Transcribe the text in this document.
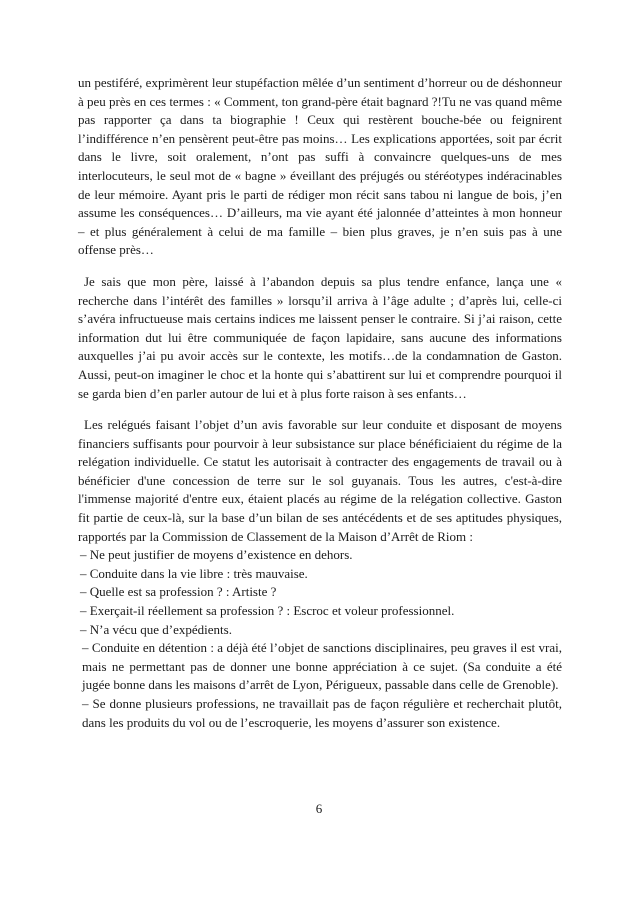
un pestiféré, exprimèrent leur stupéfaction mêlée d’un sentiment d’horreur ou de déshonneur à peu près en ces termes : « Comment, ton grand-père était bagnard ?!Tu ne vas quand même pas rapporter ça dans ta biographie ! Ceux qui restèrent bouche-bée ou feignirent l’indifférence n’en pensèrent peut-être pas moins… Les explications apportées, soit par écrit dans le livre, soit oralement, n’ont pas suffi à convaincre quelques-uns de mes interlocuteurs, le seul mot de « bagne » éveillant des préjugés ou stéréotypes indéracinables de leur mémoire. Ayant pris le parti de rédiger mon récit sans tabou ni langue de bois, j’en assume les conséquences… D’ailleurs, ma vie ayant été jalonnée d’atteintes à mon honneur – et plus généralement à celui de ma famille – bien plus graves, je n’en suis pas à une offense près…

Je sais que mon père, laissé à l’abandon depuis sa plus tendre enfance, lança une « recherche dans l’intérêt des familles » lorsqu’il arriva à l’âge adulte ; d’après lui, celle-ci s’avéra infructueuse mais certains indices me laissent penser le contraire. Si j’ai raison, cette information dut lui être communiquée de façon lapidaire, sans aucune des informations auxquelles j’ai pu avoir accès sur le contexte, les motifs…de la condamnation de Gaston. Aussi, peut-on imaginer le choc et la honte qui s’abattirent sur lui et comprendre pourquoi il se garda bien d’en parler autour de lui et à plus forte raison à ses enfants…

Les relégués faisant l’objet d’un avis favorable sur leur conduite et disposant de moyens financiers suffisants pour pourvoir à leur subsistance sur place bénéficiaient du régime de la relégation individuelle. Ce statut les autorisait à contracter des engagements de travail ou à bénéficier d'une concession de terre sur le sol guyanais. Tous les autres, c'est-à-dire l'immense majorité d'entre eux, étaient placés au régime de la relégation collective. Gaston fit partie de ceux-là, sur la base d’un bilan de ses antécédents et de ses aptitudes physiques, rapportés par la Commission de Classement de la Maison d’Arrêt de Riom :

– Ne peut justifier de moyens d’existence en dehors.

– Conduite dans la vie libre : très mauvaise.

– Quelle est sa profession ? : Artiste ?

– Exerçait-il réellement sa profession ? : Escroc et voleur professionnel.

– N’a vécu que d’expédients.

– Conduite en détention : a déjà été l’objet de sanctions disciplinaires, peu graves il est vrai, mais ne permettant pas de donner une bonne appréciation à ce sujet. (Sa conduite a été jugée bonne dans les maisons d’arrêt de Lyon, Périgueux, passable dans celle de Grenoble).

– Se donne plusieurs professions, ne travaillait pas de façon régulière et recherchait plutôt, dans les produits du vol ou de l’escroquerie, les moyens d’assurer son existence.

6
